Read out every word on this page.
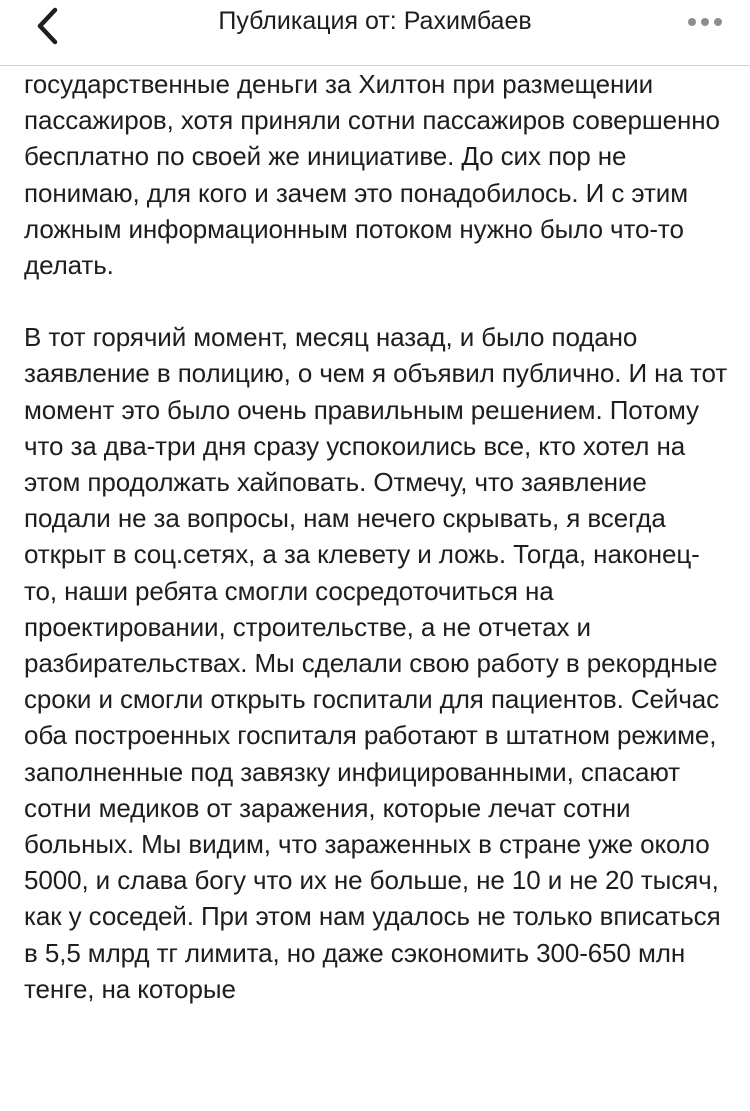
Публикация от: Рахимбаев

государственные деньги за Хилтон при размещении пассажиров, хотя приняли сотни пассажиров совершенно бесплатно по своей же инициативе. До сих пор не понимаю, для кого и зачем это понадобилось. И с этим ложным информационным потоком нужно было что-то делать.

В тот горячий момент, месяц назад, и было подано заявление в полицию, о чем я объявил публично. И на тот момент это было очень правильным решением. Потому что за два-три дня сразу успокоились все, кто хотел на этом продолжать хайповать. Отмечу, что заявление подали не за вопросы, нам нечего скрывать, я всегда открыт в соц.сетях, а за клевету и ложь. Тогда, наконец-то, наши ребята смогли сосредоточиться на проектировании, строительстве, а не отчетах и разбирательствах. Мы сделали свою работу в рекордные сроки и смогли открыть госпитали для пациентов. Сейчас оба построенных госпиталя работают в штатном режиме, заполненные под завязку инфицированными, спасают сотни медиков от заражения, которые лечат сотни больных. Мы видим, что зараженных в стране уже около 5000, и слава богу что их не больше, не 10 и не 20 тысяч, как у соседей. При этом нам удалось не только вписаться в 5,5 млрд тг лимита, но даже сэкономить 300-650 млн тенге, на которые
